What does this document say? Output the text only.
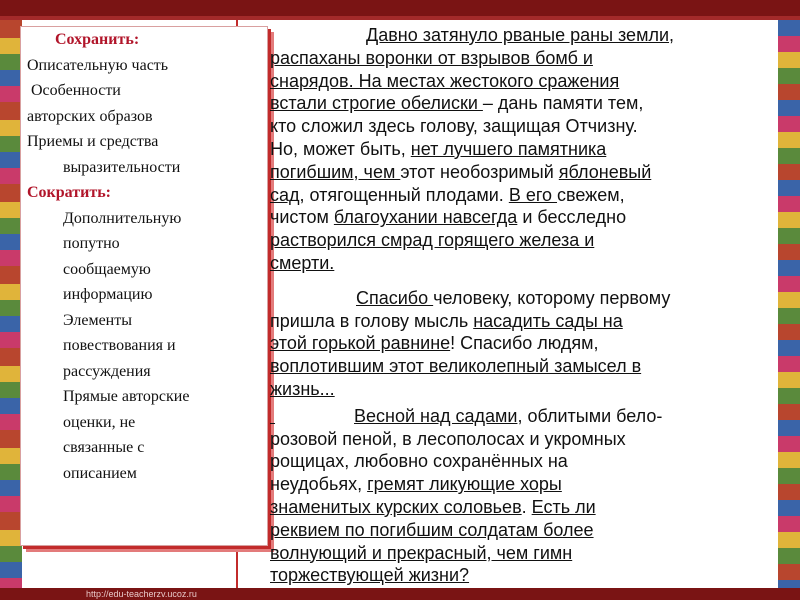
http://edu-teacherzv.ucoz.ru

Сохранить:

Описательную часть

Особенности

авторских образов

Приемы и средства

выразительности

Сократить:

Дополнительную

попутно

сообщаемую

информацию

Элементы

повествования и

рассуждения

Прямые авторские

оценки, не

связанные с

описанием

Давно затянуло рваные раны земли,
распаханы воронки от взрывов бомб и
снарядов. На местах жестокого сражения
встали строгие обелиски – дань памяти тем,
кто сложил здесь голову, защищая Отчизну.
Но, может быть, нет лучшего памятника
погибшим, чем этот необозримый яблоневый
сад, отягощенный плодами. В его свежем,
чистом благоухании навсегда и бесследно
растворился смрад горящего железа и
смерти.

Спасибо человеку, которому первому
пришла в голову мысль насадить сады на
этой горькой равнине! Спасибо людям,
воплотившим этот великолепный замысел в
жизнь...

Весной над садами, облитыми бело-
розовой пеной, в лесополосах и укромных
рощицах, любовно сохранённых на
неудобьях, гремят ликующие хоры
знаменитых курских соловьев. Есть ли
реквием по погибшим солдатам более
волнующий и прекрасный, чем гимн
торжествующей жизни?
